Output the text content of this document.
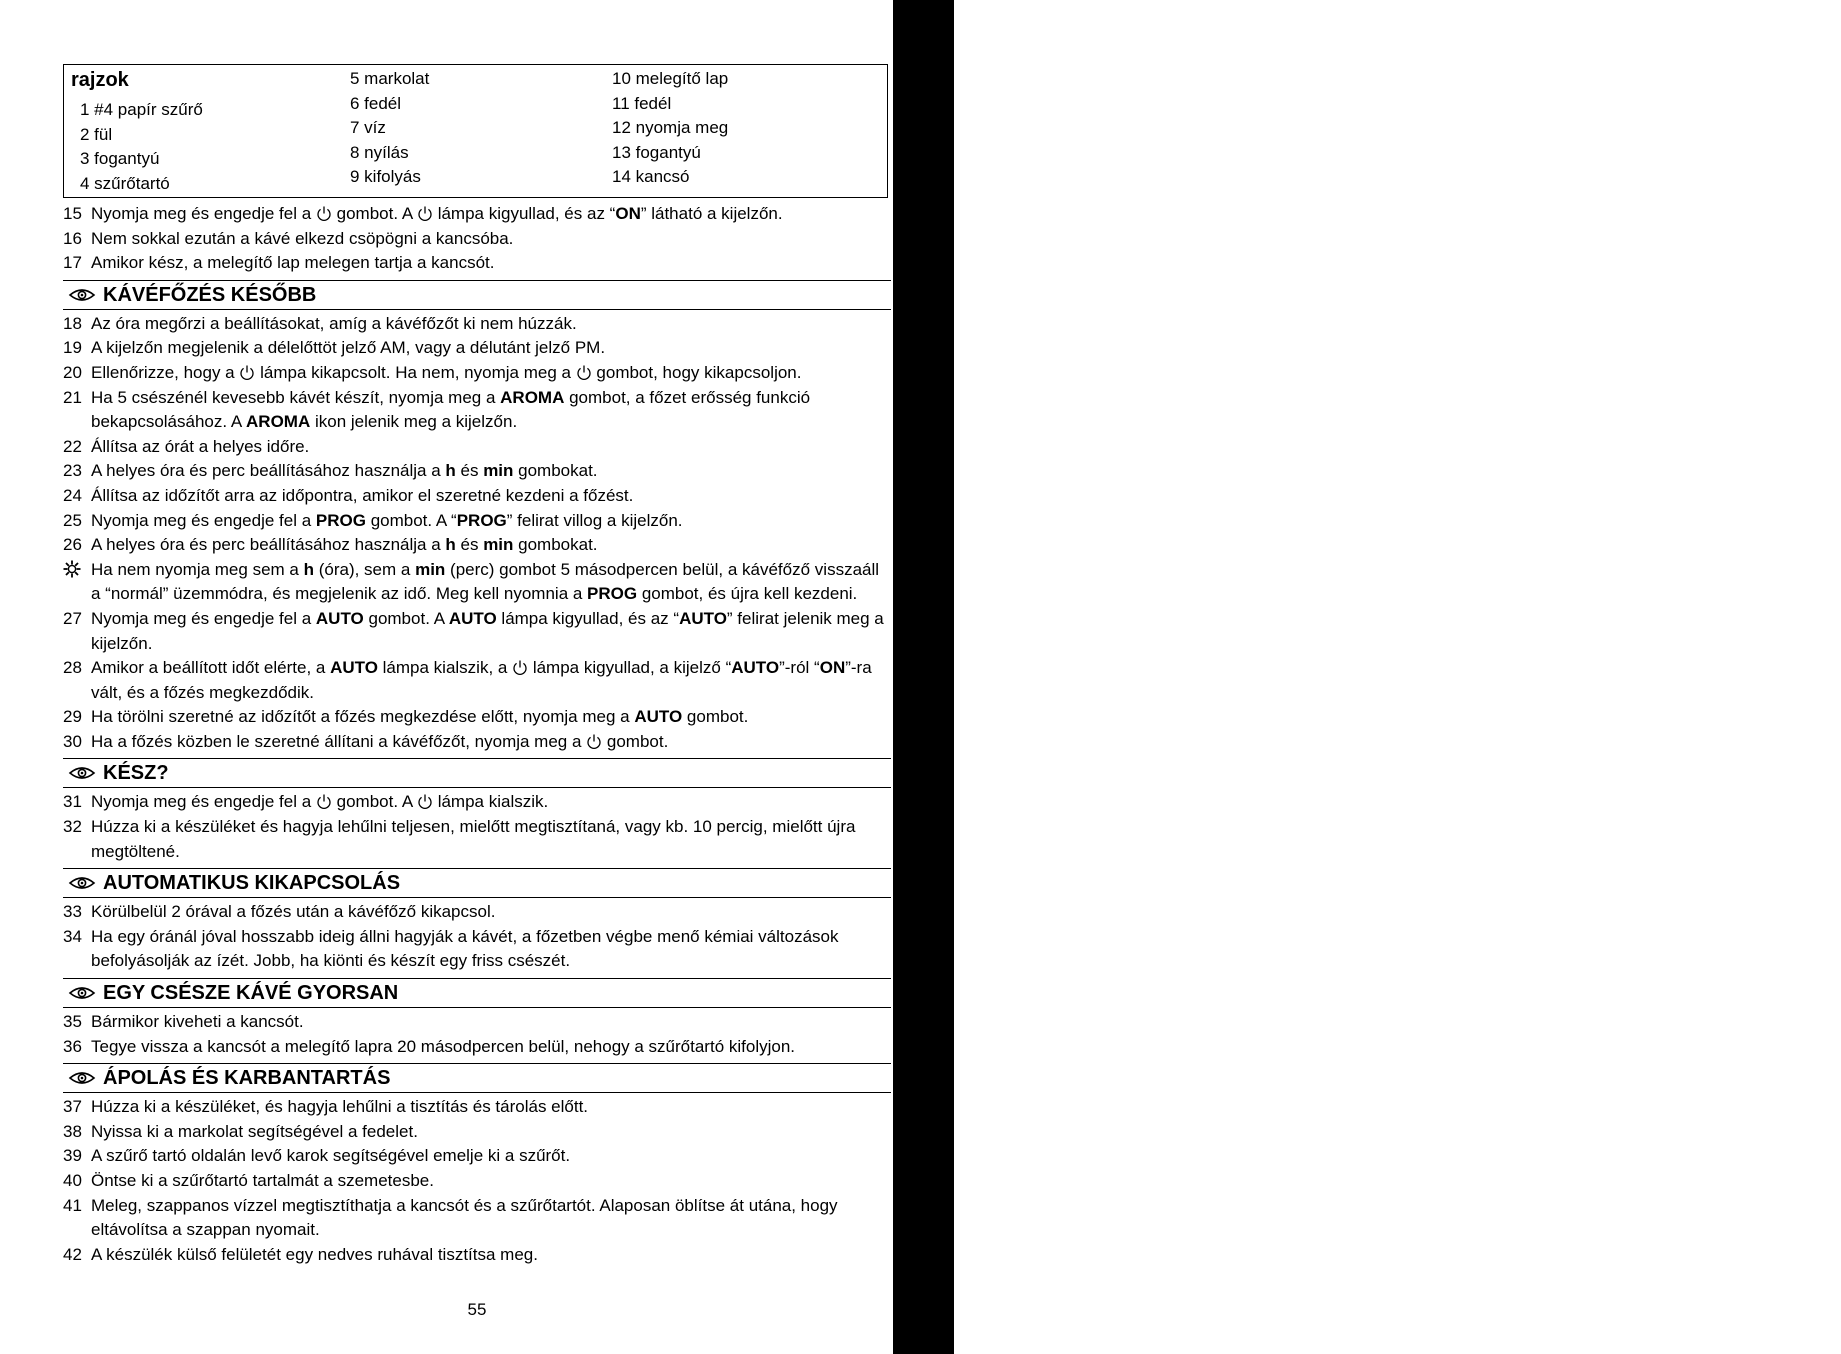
utasítások
rajzok
1 #4 papír szűrő
2 fül
3 fogantyú
4 szűrőtartó
5 markolat
6 fedél
7 víz
8 nyílás
9 kifolyás
10 melegítő lap
11 fedél
12 nyomja meg
13 fogantyú
14 kancsó
15 Nyomja meg és engedje fel a  gombot. A  lámpa kigyullad, és az “ON” látható a kijelzőn.
16 Nem sokkal ezután a kávé elkezd csöpögni a kancsóba.
17 Amikor kész, a melegítő lap melegen tartja a kancsót.
KÁVÉFŐZÉS KÉSŐBB
18 Az óra megőrzi a beállításokat, amíg a kávéfőzőt ki nem húzzák.
19 A kijelzőn megjelenik a délelőttöt jelző AM, vagy a délutánt jelző PM.
20 Ellenőrizze, hogy a  lámpa kikapcsolt. Ha nem, nyomja meg a  gombot, hogy kikapcsoljon.
21 Ha 5 csészénél kevesebb kávét készít, nyomja meg a AROMA gombot, a főzet erősség funkció bekapcsolásához. A AROMA ikon jelenik meg a kijelzőn.
22 Állítsa az órát a helyes időre.
23 A helyes óra és perc beállításához használja a h és min gombokat.
24 Állítsa az időzítőt arra az időpontra, amikor el szeretné kezdeni a főzést.
25 Nyomja meg és engedje fel a PROG gombot. A “PROG” felirat villog a kijelzőn.
26 A helyes óra és perc beállításához használja a h és min gombokat.
Ha nem nyomja meg sem a h (óra), sem a min (perc) gombot 5 másodpercen belül, a kávéfőző visszaáll a “normál” üzemmódra, és megjelenik az idő. Meg kell nyomnia a PROG gombot, és újra kell kezdeni.
27 Nyomja meg és engedje fel a AUTO gombot. A AUTO lámpa kigyullad, és az “AUTO” felirat jelenik meg a kijelzőn.
28 Amikor a beállított időt elérte, a AUTO lámpa kialszik, a  lámpa kigyullad, a kijelző “AUTO”-ról “ON”-ra vált, és a főzés megkezdődik.
29 Ha törölni szeretné az időzítőt a főzés megkezdése előtt, nyomja meg a AUTO gombot.
30 Ha a főzés közben le szeretné állítani a kávéfőzőt, nyomja meg a  gombot.
KÉSZ?
31 Nyomja meg és engedje fel a  gombot. A  lámpa kialszik.
32 Húzza ki a készüléket és hagyja lehűlni teljesen, mielőtt megtisztítaná, vagy kb. 10 percig, mielőtt újra megtöltené.
AUTOMATIKUS KIKAPCSOLÁS
33 Körülbelül 2 órával a főzés után a kávéfőző kikapcsol.
34 Ha egy óránál jóval hosszabb ideig állni hagyják a kávét, a főzetben végbe menő kémiai változások befolyásolják az ízét. Jobb, ha kiönti és készít egy friss csészét.
EGY CSÉSZE KÁVÉ GYORSAN
35 Bármikor kiveheti a kancsót.
36 Tegye vissza a kancsót a melegítő lapra 20 másodpercen belül, nehogy a szűrőtartó kifolyjon.
ÁPOLÁS ÉS KARBANTARTÁS
37 Húzza ki a készüléket, és hagyja lehűlni a tisztítás és tárolás előtt.
38 Nyissa ki a markolat segítségével a fedelet.
39 A szűrő tartó oldalán levő karok segítségével emelje ki a szűrőt.
40 Öntse ki a szűrőtartó tartalmát a szemetesbe.
41 Meleg, szappanos vízzel megtisztíthatja a kancsót és a szűrőtartót. Alaposan öblítse át utána, hogy eltávolítsa a szappan nyomait.
42 A készülék külső felületét egy nedves ruhával tisztítsa meg.
55
